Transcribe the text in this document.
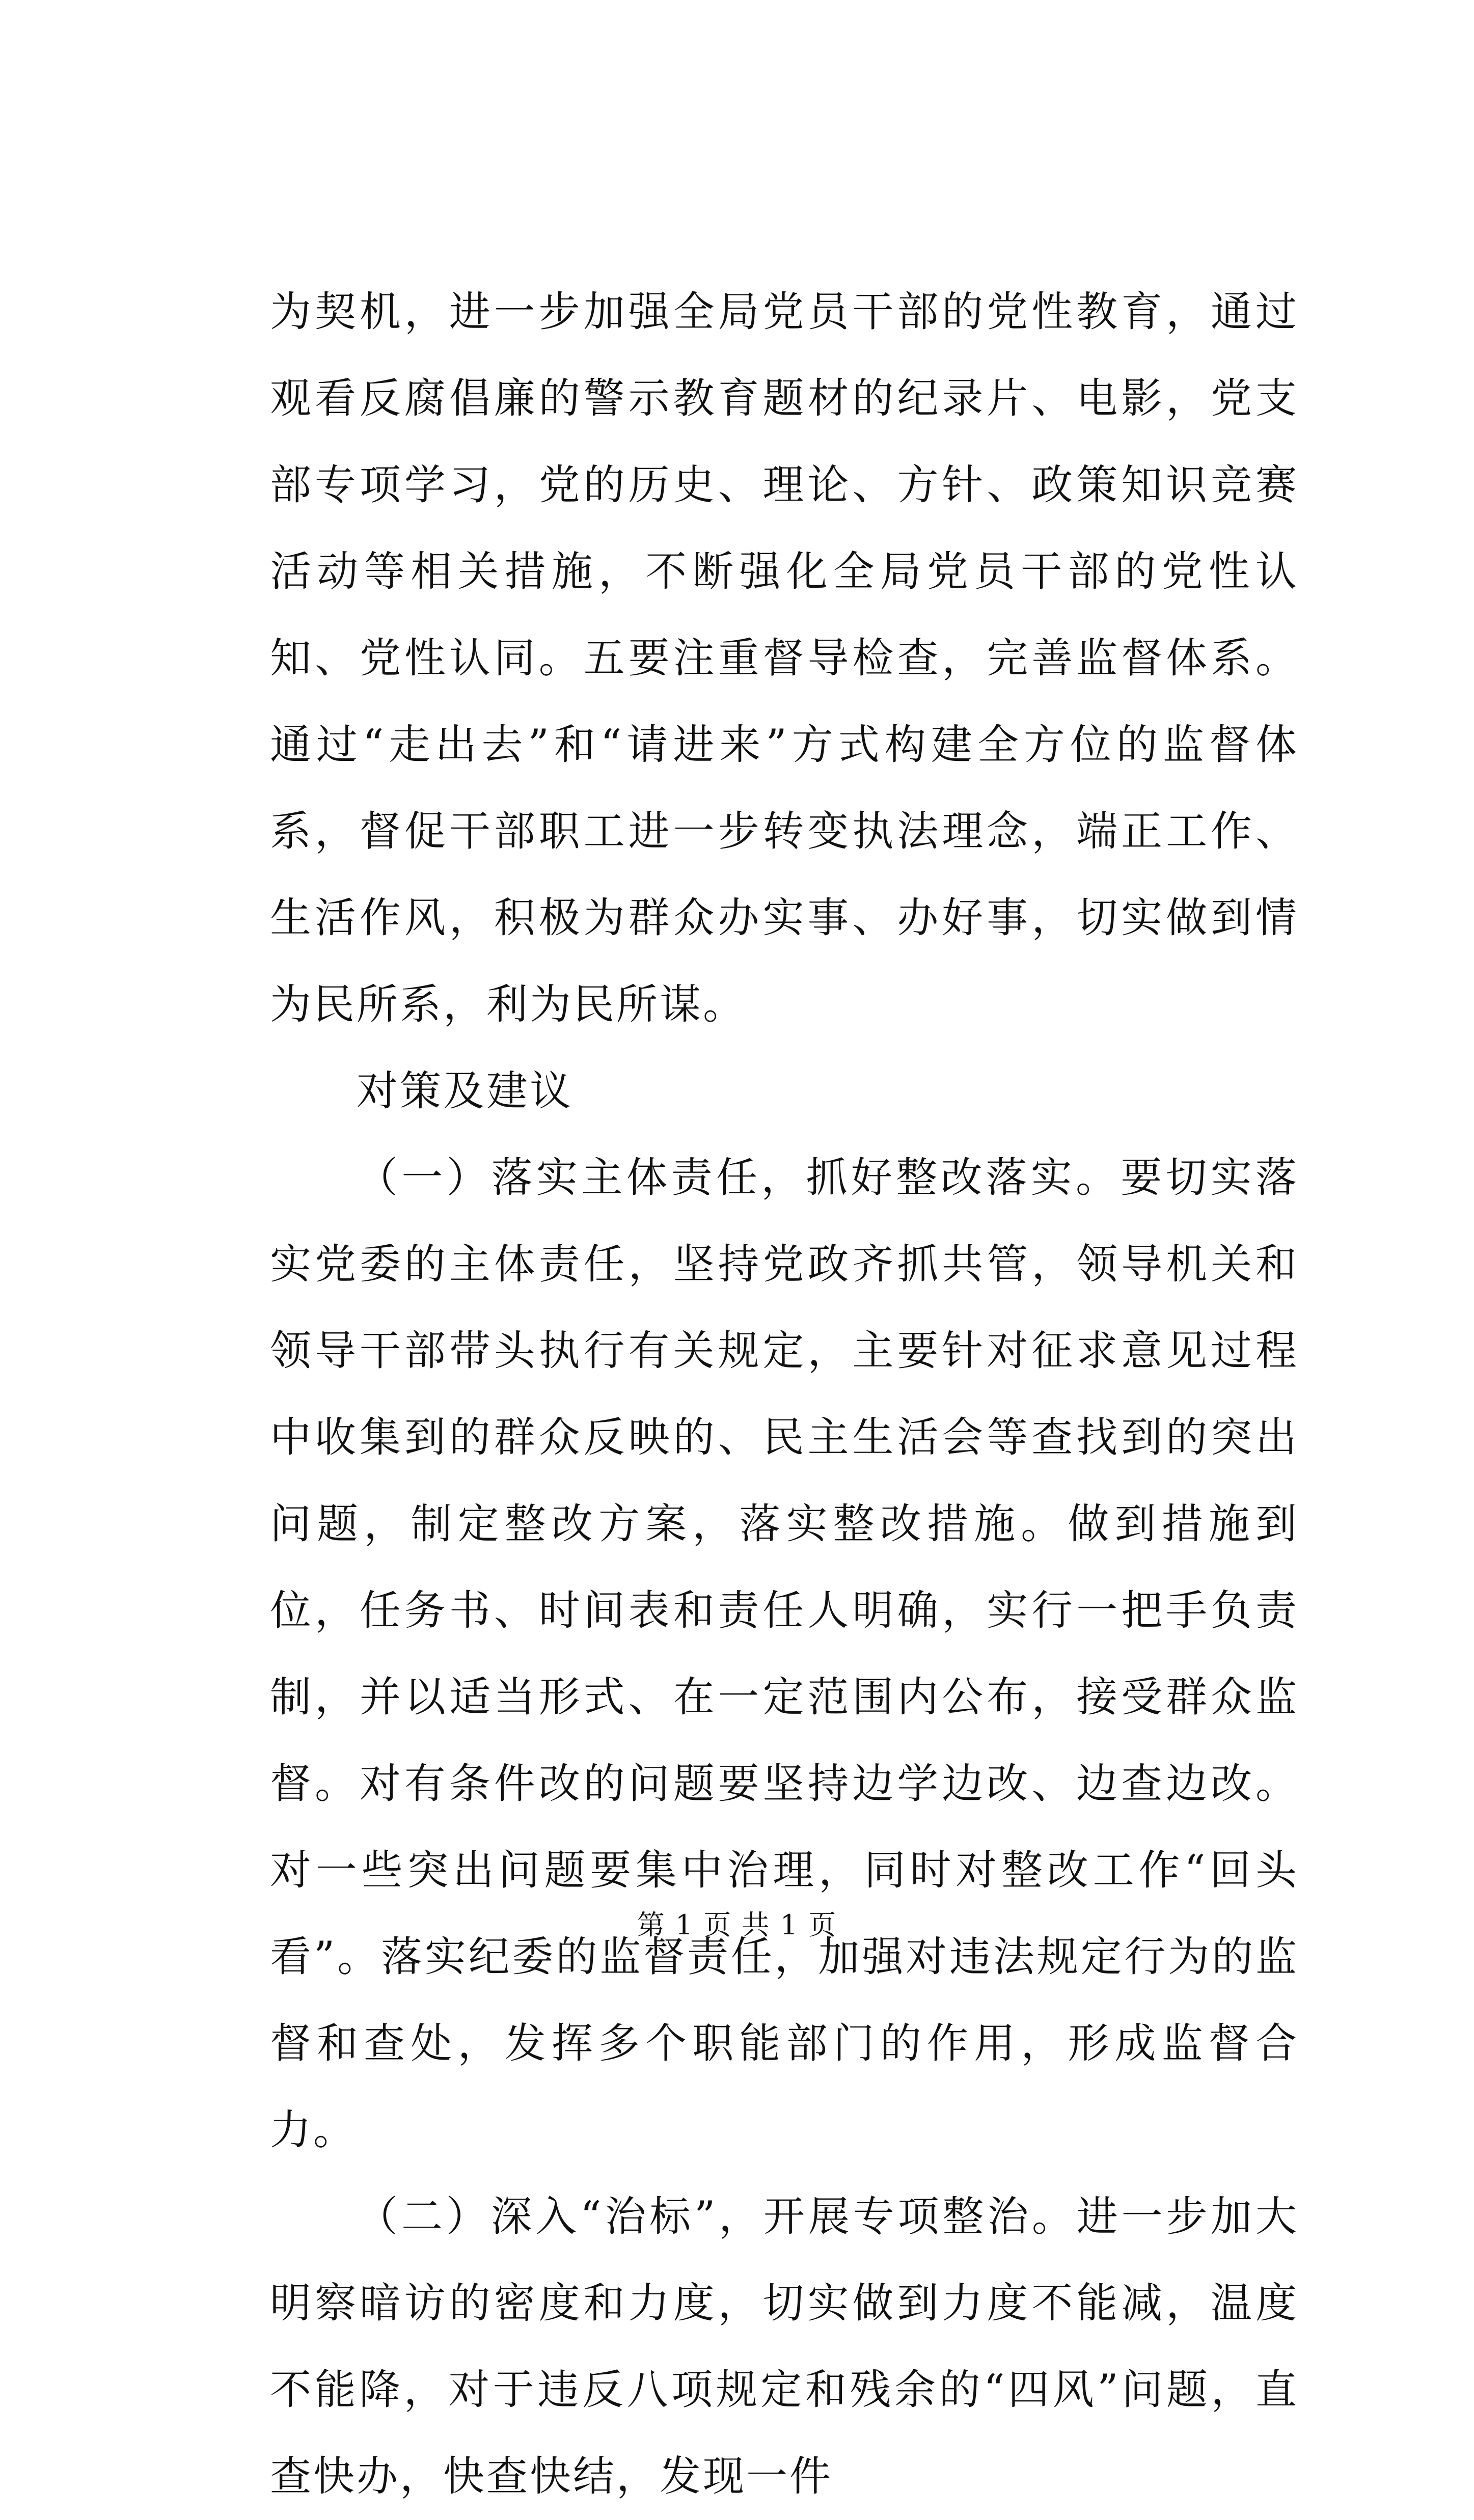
为契机，进一步加强全局党员干部的党性教育，通过观看反腐倡廉的警示教育题材的纪录片、电影，党支部专项学习，党的历史、理论、方针、政策知识竞赛活动等相关措施，不断强化全局党员干部的党性认知、党性认同。五要注重督导检查，完善监督体系。通过“走出去”和“请进来”方式构建全方位的监督体系，督促干部职工进一步转变执法理念，端正工作、生活作风，积极为群众办实事、办好事，切实做到情为民所系，利为民所谋。

对策及建议

（一）落实主体责任，抓好整改落实。要切实落实党委的主体责任，坚持党政齐抓共管，领导机关和领导干部带头执行有关规定，主要针对征求意见过程中收集到的群众反映的、民主生活会等查找到的突出问题，制定整改方案，落实整改措施。做到措施到位，任务书、时间表和责任人明确，实行一把手负责制，并以适当形式、在一定范围内公布，接受群众监督。对有条件改的问题要坚持边学边改、边查边改。对一些突出问题要集中治理，同时对整改工作“回头看”。落实纪委的监督责任，加强对违法规定行为的监督和查处，发挥多个职能部门的作用，形成监督合力。

（二）深入“治标”，开展专项整治。进一步加大明察暗访的密度和力度，切实做到力度不能减，温度不能降，对于违反八项规定和残余的“四风”问题，直查快办，快查快结，发现一件

第 1 页 共 1 页
